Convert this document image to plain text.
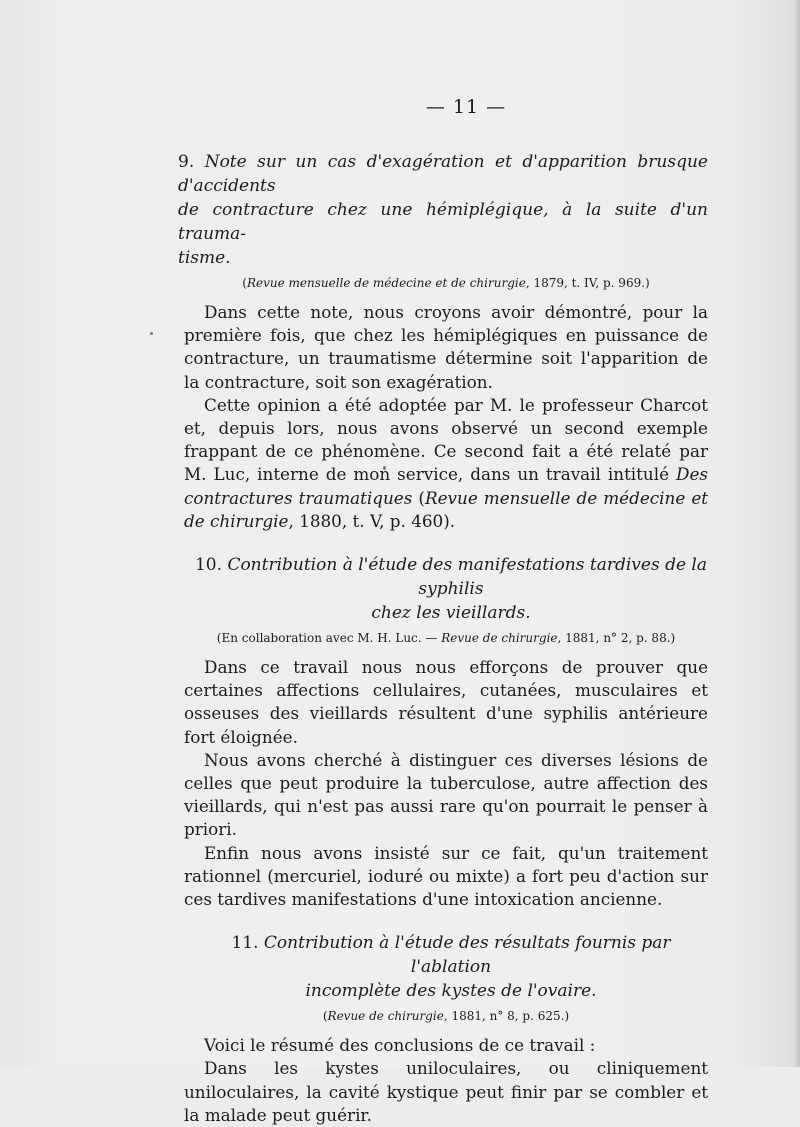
— 11 —

9. Note sur un cas d'exagération et d'apparition brusque d'accidents
de contracture chez une hémiplégique, à la suite d'un trauma-
tisme.

(Revue mensuelle de médecine et de chirurgie, 1879, t. IV, p. 969.)

Dans cette note, nous croyons avoir démontré, pour la première fois, que chez les hémiplégiques en puissance de contracture, un traumatisme détermine soit l'apparition de la contracture, soit son exagération.

Cette opinion a été adoptée par M. le professeur Charcot et, depuis lors, nous avons observé un second exemple frappant de ce phénomène. Ce second fait a été relaté par M. Luc, interne de mon service, dans un travail intitulé Des contractures traumatiques (Revue mensuelle de médecine et de chirurgie, 1880, t. V, p. 460).

10. Contribution à l'étude des manifestations tardives de la syphilis
chez les vieillards.

(En collaboration avec M. H. Luc. — Revue de chirurgie, 1881, n° 2, p. 88.)

Dans ce travail nous nous efforçons de prouver que certaines affections cellulaires, cutanées, musculaires et osseuses des vieillards résultent d'une syphilis antérieure fort éloignée.

Nous avons cherché à distinguer ces diverses lésions de celles que peut produire la tuberculose, autre affection des vieillards, qui n'est pas aussi rare qu'on pourrait le penser à priori.

Enfin nous avons insisté sur ce fait, qu'un traitement rationnel (mercuriel, ioduré ou mixte) a fort peu d'action sur ces tardives manifestations d'une intoxication ancienne.

11. Contribution à l'étude des résultats fournis par l'ablation
incomplète des kystes de l'ovaire.

(Revue de chirurgie, 1881, n° 8, p. 625.)

Voici le résumé des conclusions de ce travail :

Dans les kystes uniloculaires, ou cliniquement uniloculaires, la cavité kystique peut finir par se combler et la malade peut guérir.
